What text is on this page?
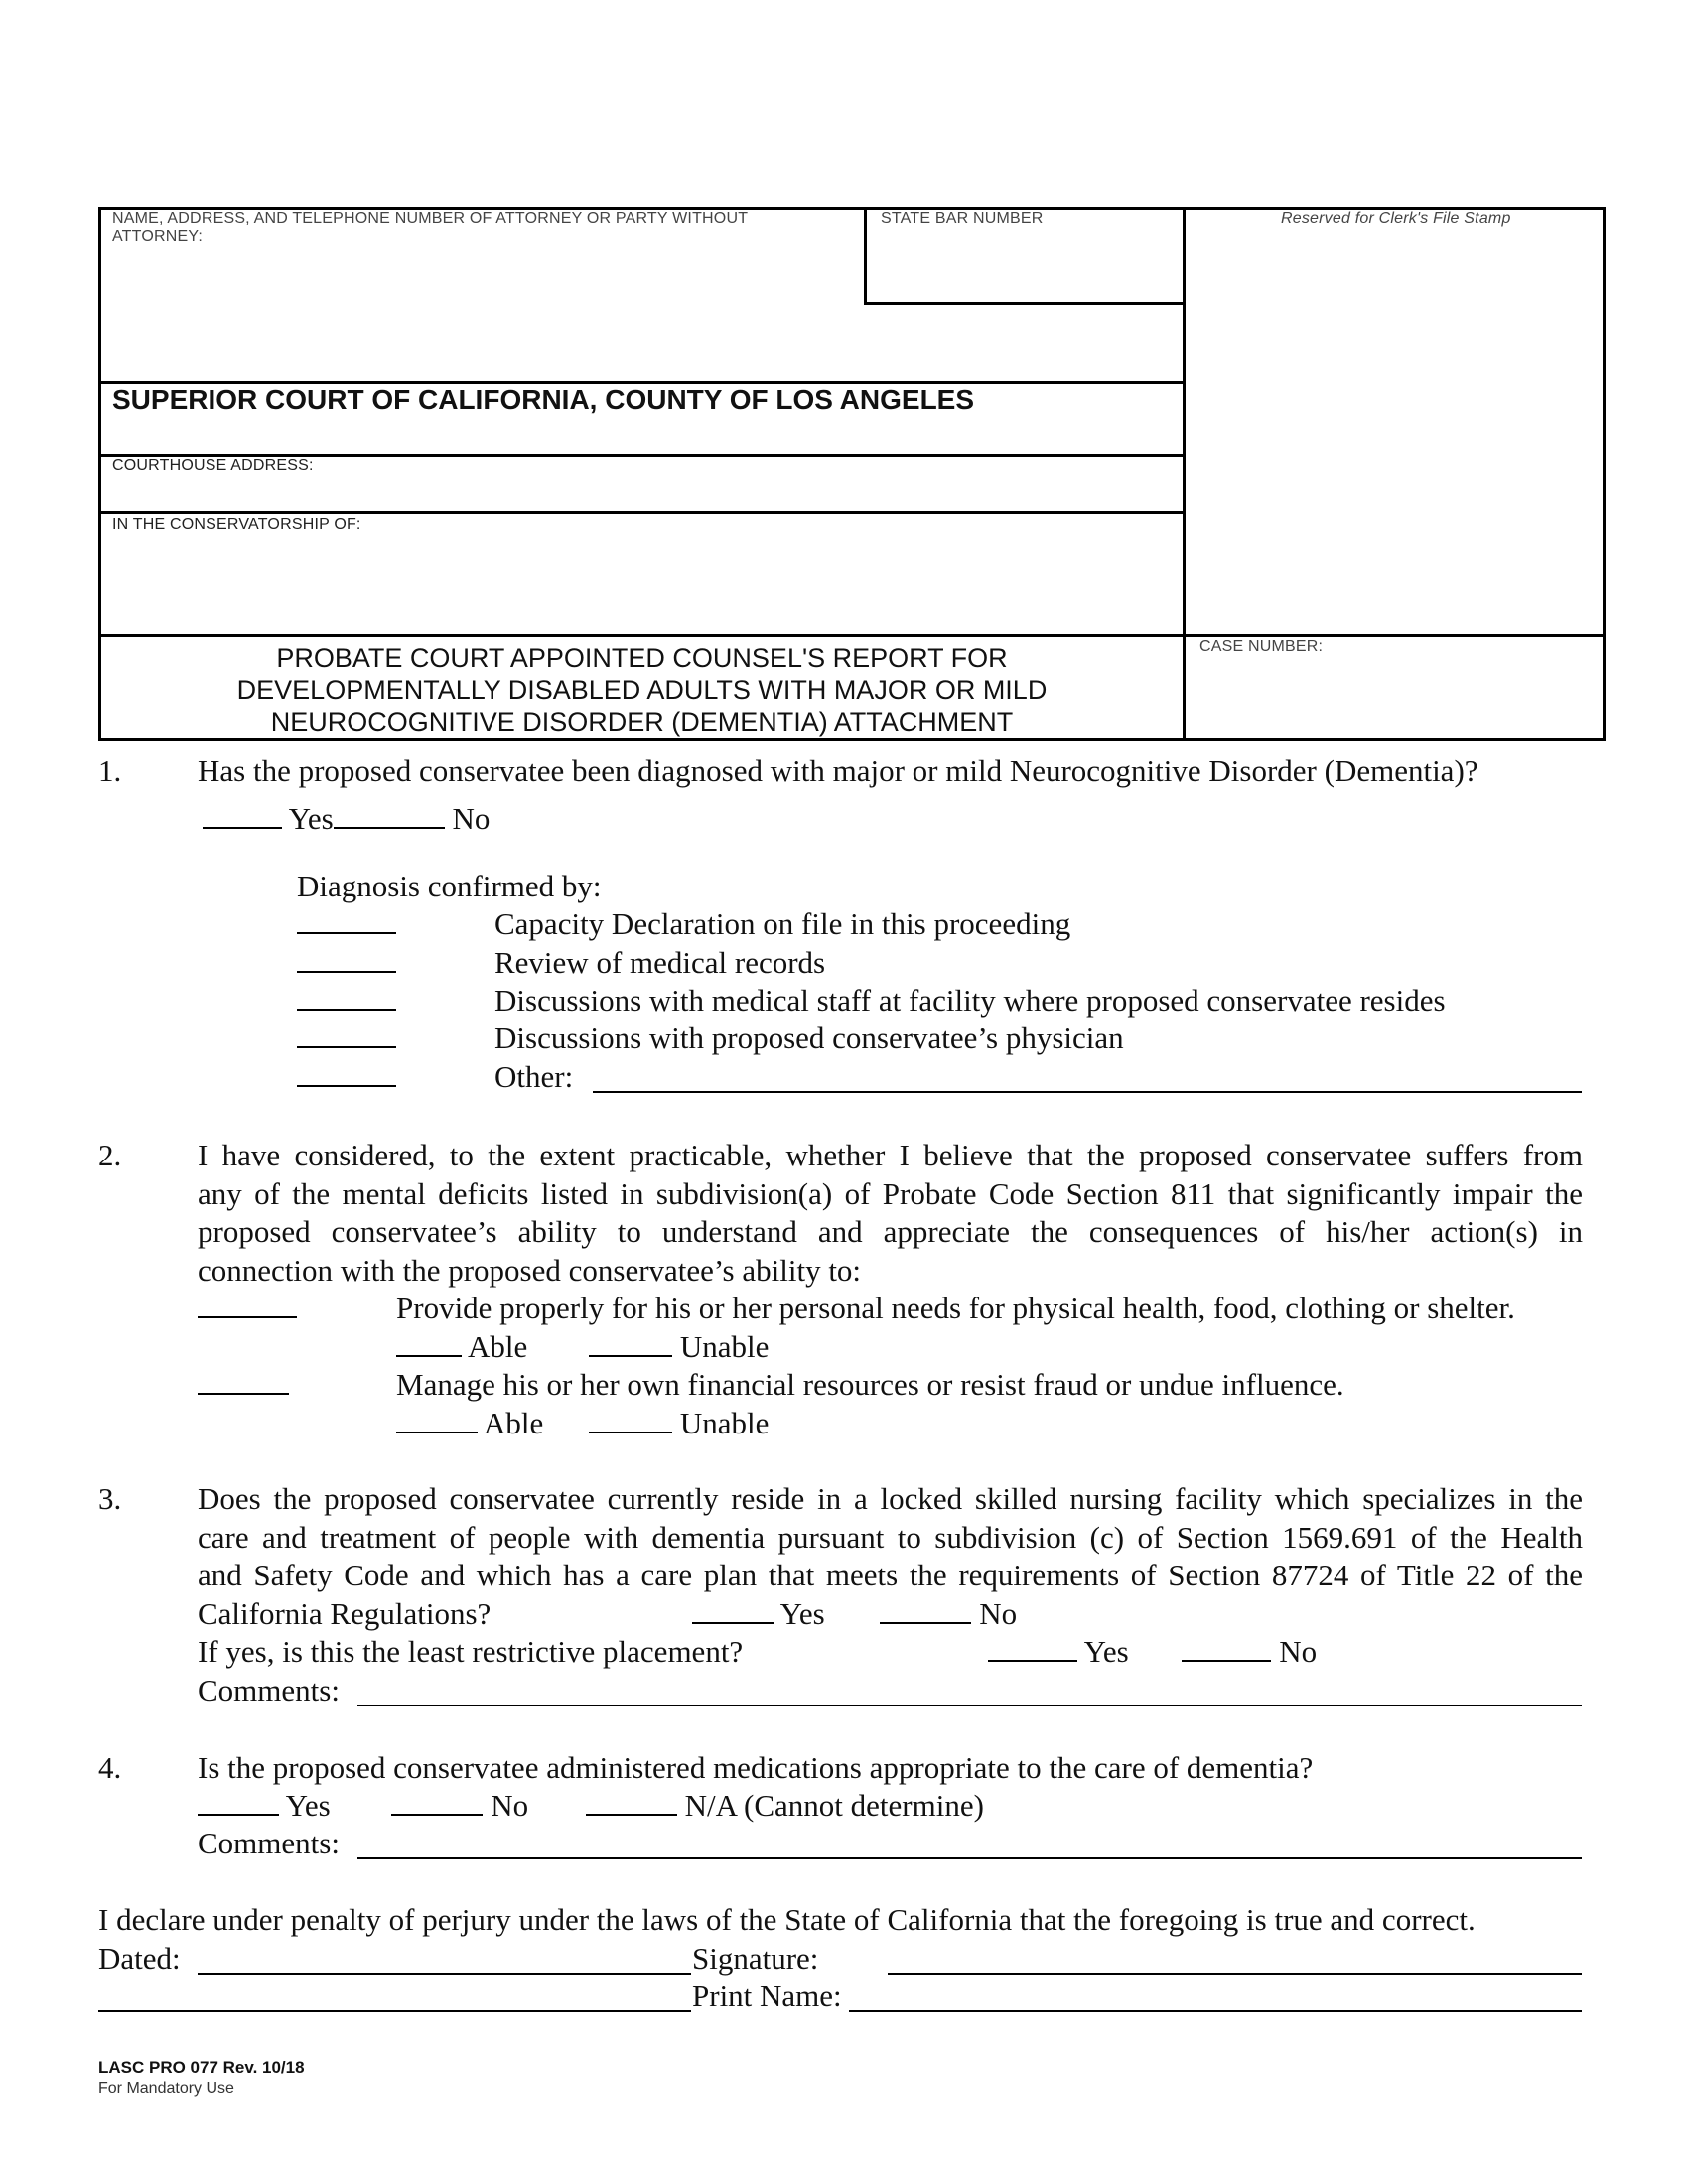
NAME, ADDRESS, AND TELEPHONE NUMBER OF ATTORNEY OR PARTY WITHOUT
ATTORNEY:
STATE BAR NUMBER	Reserved for Clerk's File Stamp
SUPERIOR COURT OF CALIFORNIA, COUNTY OF LOS ANGELES
COURTHOUSE ADDRESS:
IN THE CONSERVATORSHIP OF:
CASE NUMBER:
PROBATE COURT APPOINTED COUNSEL'S REPORT FOR
DEVELOPMENTALLY DISABLED ADULTS WITH MAJOR OR MILD
NEUROCOGNITIVE DISORDER (DEMENTIA) ATTACHMENT
1. Has the proposed conservatee been diagnosed with major or mild Neurocognitive Disorder (Dementia)?
Yes	No
Diagnosis confirmed by:
Capacity Declaration on file in this proceeding
Review of medical records
Discussions with medical staff at facility where proposed conservatee resides
Discussions with proposed conservatee’s physician
Other:
2. I have considered, to the extent practicable, whether I believe that the proposed conservatee suffers from
any of the mental deficits listed in subdivision(a) of Probate Code Section 811 that significantly impair the
proposed conservatee’s ability to understand and appreciate the consequences of his/her action(s) in
connection with the proposed conservatee’s ability to:
Provide properly for his or her personal needs for physical health, food, clothing or shelter.
Able	Unable
Manage his or her own financial resources or resist fraud or undue influence.
Able	Unable
3. Does the proposed conservatee currently reside in a locked skilled nursing facility which specializes in the
care and treatment of people with dementia pursuant to subdivision (c) of Section 1569.691 of the Health
and Safety Code and which has a care plan that meets the requirements of Section 87724 of Title 22 of the
California Regulations?	Yes	No
If yes, is this the least restrictive placement?	Yes	No
Comments:
4. Is the proposed conservatee administered medications appropriate to the care of dementia?
Yes	No	N/A (Cannot determine)
Comments:
I declare under penalty of perjury under the laws of the State of California that the foregoing is true and correct.
Dated:	Signature:
Print Name:
LASC PRO 077 Rev. 10/18
For Mandatory Use
